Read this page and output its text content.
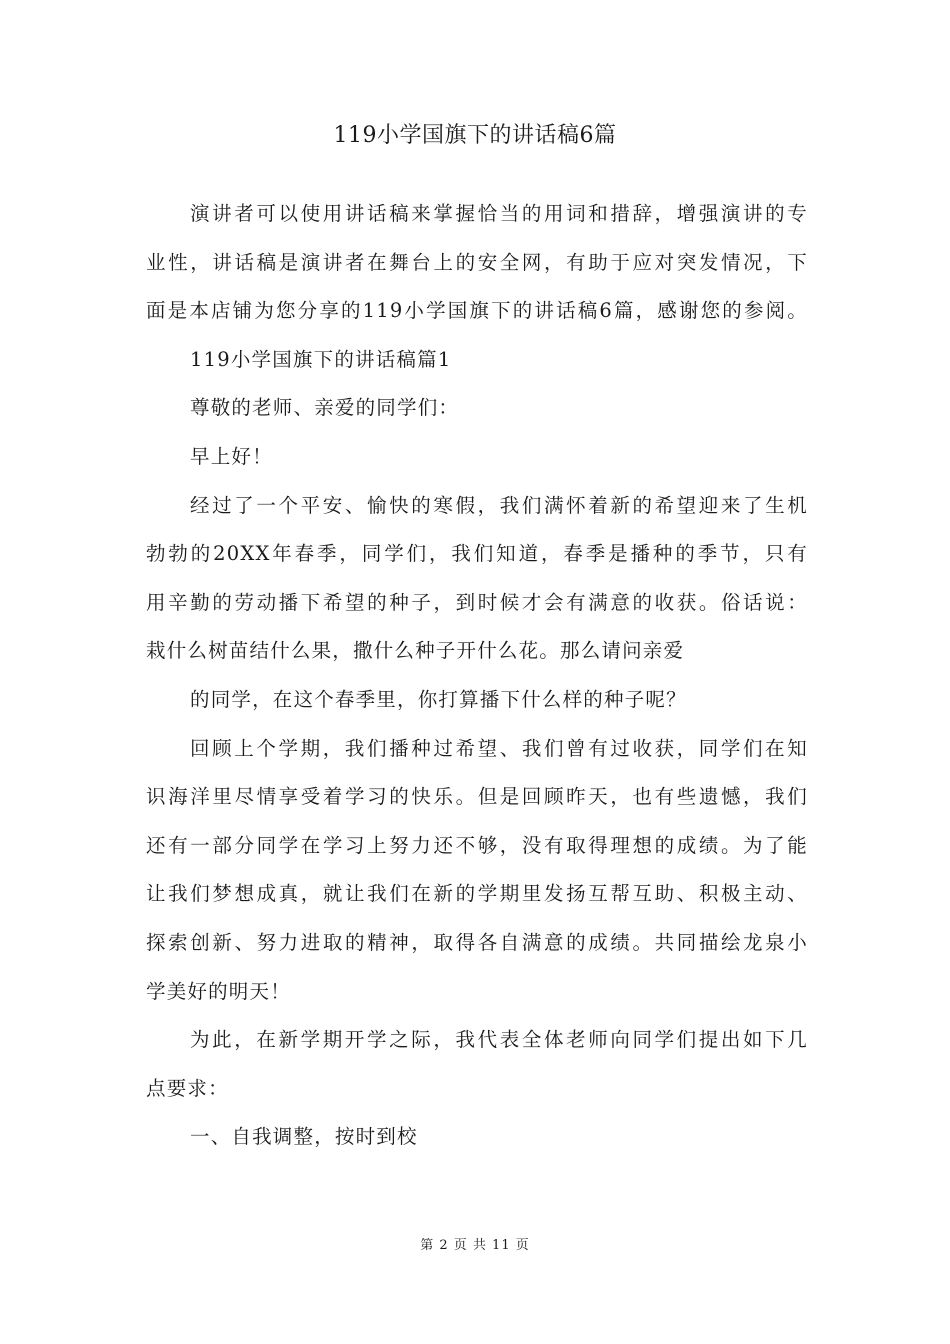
119小学国旗下的讲话稿6篇
演讲者可以使用讲话稿来掌握恰当的用词和措辞，增强演讲的专
业性，讲话稿是演讲者在舞台上的安全网，有助于应对突发情况，下
面是本店铺为您分享的119小学国旗下的讲话稿6篇，感谢您的参阅。
119小学国旗下的讲话稿篇1
尊敬的老师、亲爱的同学们：
早上好！
经过了一个平安、愉快的寒假，我们满怀着新的希望迎来了生机
勃勃的20XX年春季，同学们，我们知道，春季是播种的季节，只有
用辛勤的劳动播下希望的种子，到时候才会有满意的收获。俗话说：
栽什么树苗结什么果，撒什么种子开什么花。那么请问亲爱
的同学，在这个春季里，你打算播下什么样的种子呢？
回顾上个学期，我们播种过希望、我们曾有过收获，同学们在知
识海洋里尽情享受着学习的快乐。但是回顾昨天，也有些遗憾，我们
还有一部分同学在学习上努力还不够，没有取得理想的成绩。为了能
让我们梦想成真，就让我们在新的学期里发扬互帮互助、积极主动、
探索创新、努力进取的精神，取得各自满意的成绩。共同描绘龙泉小
学美好的明天！
为此，在新学期开学之际，我代表全体老师向同学们提出如下几
点要求：
一、自我调整，按时到校
第 2 页 共 11 页
